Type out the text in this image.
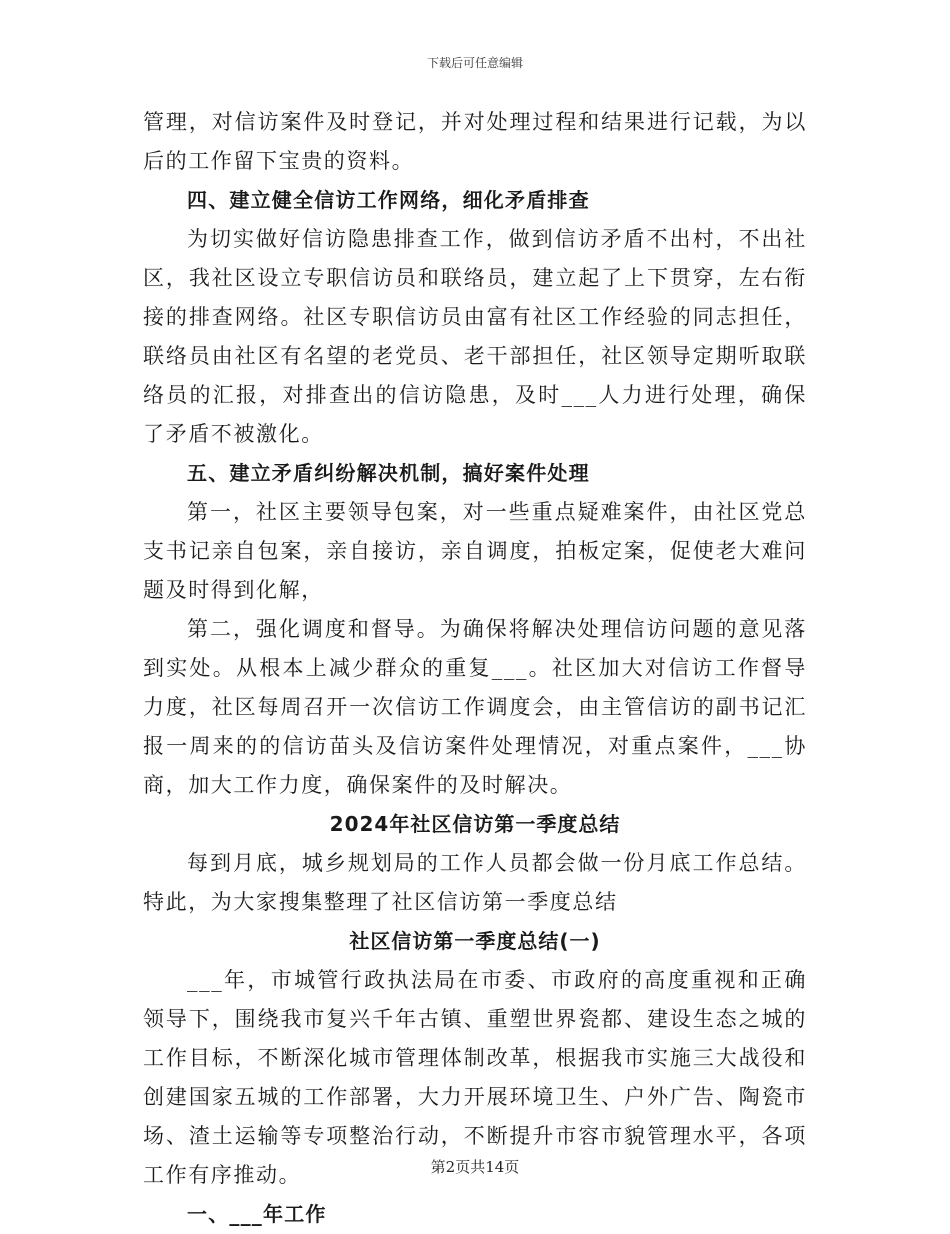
下载后可任意编辑

管理，对信访案件及时登记，并对处理过程和结果进行记载，为以后的工作留下宝贵的资料。

四、建立健全信访工作网络，细化矛盾排查

为切实做好信访隐患排查工作，做到信访矛盾不出村，不出社区，我社区设立专职信访员和联络员，建立起了上下贯穿，左右衔接的排查网络。社区专职信访员由富有社区工作经验的同志担任，联络员由社区有名望的老党员、老干部担任，社区领导定期听取联络员的汇报，对排查出的信访隐患，及时___人力进行处理，确保了矛盾不被激化。

五、建立矛盾纠纷解决机制，搞好案件处理

第一，社区主要领导包案，对一些重点疑难案件，由社区党总支书记亲自包案，亲自接访，亲自调度，拍板定案，促使老大难问题及时得到化解，

第二，强化调度和督导。为确保将解决处理信访问题的意见落到实处。从根本上减少群众的重复___。社区加大对信访工作督导力度，社区每周召开一次信访工作调度会，由主管信访的副书记汇报一周来的的信访苗头及信访案件处理情况，对重点案件，___协商，加大工作力度，确保案件的及时解决。

2024年社区信访第一季度总结

每到月底，城乡规划局的工作人员都会做一份月底工作总结。特此，为大家搜集整理了社区信访第一季度总结

社区信访第一季度总结(一)

___年，市城管行政执法局在市委、市政府的高度重视和正确领导下，围绕我市复兴千年古镇、重塑世界瓷都、建设生态之城的工作目标，不断深化城市管理体制改革，根据我市实施三大战役和创建国家五城的工作部署，大力开展环境卫生、户外广告、陶瓷市场、渣土运输等专项整治行动，不断提升市容市貌管理水平，各项工作有序推动。

一、___年工作

第2页共14页
